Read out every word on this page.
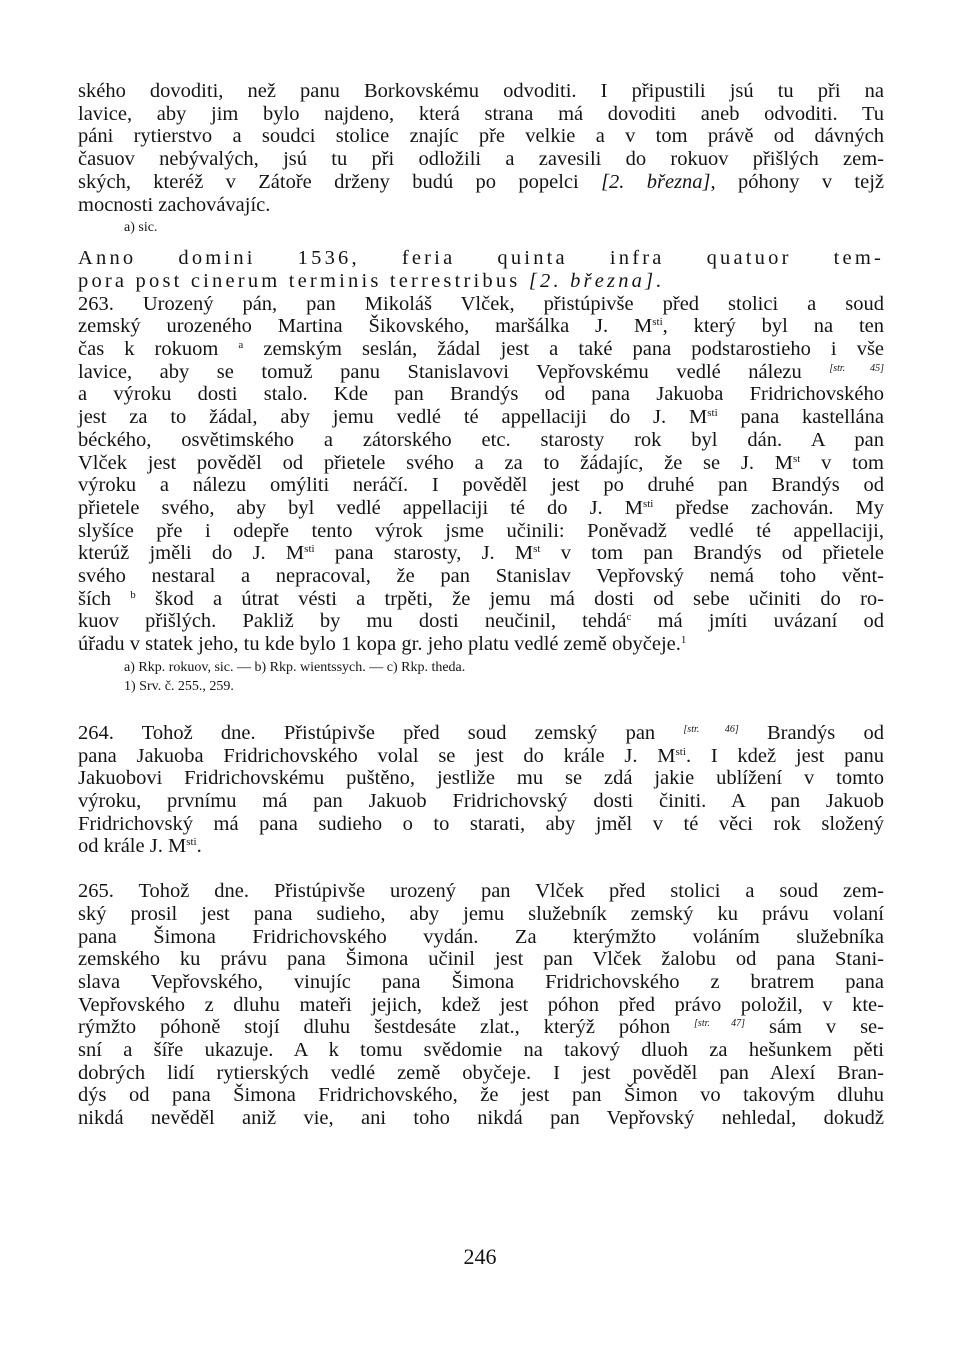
ského dovoditi, než panu Borkovskému odvoditi. I připustili jsú tu při na
lavice, aby jim bylo najdeno, která strana má dovoditi aneb odvoditi. Tu
páni rytierstvo a soudci stolice znajíc pře velkie a v tom právě od dávných
časuov nebývalých, jsú tu při odložili a zavesili do rokuov přišlých zem-
ských, kteréž v Zátoře drženy budú po popelci [2. března], póhony v tejž
mocnosti zachovávajíc.
a) sic.
Anno domini 1536, feria quinta infra quatuor tem-
pora post cinerum terminis terrestribus [2. března].
263. Urozený pán, pan Mikoláš Vlček, přistúpivše před stolici a soud
zemský urozeného Martina Šikovského, maršálka J. $M^{sti}$, který byl na ten
čas k rokuom $^a$ zemským seslán, žádal jest a také pana podstarostieho i vše
lavice, aby se tomuž panu Stanislavovi Vepřovskému vedlé nálezu	[str. 45]
a výroku dosti stalo. Kde pan Brandýs od pana Jakuoba Fridrichovského
jest za to žádal, aby jemu vedlé té appellaciji do J. $M^{sti}$ pana kastellána
béckého, osvětimského a zátorského etc. starosty rok byl dán. A pan
Vlček jest pověděl od přietele svého a za to žádajíc, že se J. Mst v tom
výroku a nálezu omýliti neráčí. I pověděl jest po druhé pan Brandýs od
přietele svého, aby byl vedlé appellaciji té do J. $M^{sti}$ předse zachován. My
slyšíce pře i odepře tento výrok jsme učinili: Poněvadž vedlé té appellaciji,
kterúž jměli do J. $M^{sti}$ pana starosty, J. Mst v tom pan Brandýs od přietele
svého nestaral a nepracoval, že pan Stanislav Vepřovský nemá toho věnt-
ších $^b$ škod a útrat vésti a trpěti, že jemu má dosti od sebe učiniti do ro-
kuov přišlých. Pakliž by mu dosti neučinil, tehdá$^c$ má jmíti uvázaní od
úřadu v statek jeho, tu kde bylo 1 kopa gr. jeho platu vedlé země obyčeje.$^1$
a) Rkp. rokuov, sic. — b) Rkp. wientssych. — c) Rkp. theda.
1) Srv. č. 255., 259.
264. Tohož dne. Přistúpivše před soud zemský pan	[str. 46] Brandýs od
pana Jakuoba Fridrichovského volal se jest do krále J. $M^{sti}$. I kdež jest panu
Jakuobovi Fridrichovskému puštěno, jestliže mu se zdá jakie ublížení v tomto
výroku, prvnímu má pan Jakuob Fridrichovský dosti činiti. A pan Jakuob
Fridrichovský má pana sudieho o to starati, aby jměl v té věci rok složený
od krále J. $M^{sti}$.
265. Tohož dne. Přistúpivše urozený pan Vlček před stolici a soud zem-
ský prosil jest pana sudieho, aby jemu služebník zemský ku právu volaní
pana Šimona Fridrichovského vydán. Za kterýmžto voláním služebníka
zemského ku právu pana Šimona učinil jest pan Vlček žalobu od pana Stani-
slava Vepřovského, vinujíc pana Šimona Fridrichovského z bratrem pana
Vepřovského z dluhu mateři jejich, kdež jest póhon před právo položil, v kte-
rýmžto póhoně stojí dluhu šestdesáte zlat., kterýž póhon [str. 47] sám v se-
sní a šíře ukazuje. A k tomu svědomie na takový dluoh za hešunkem pěti
dobrých lidí rytierských vedlé země obyčeje. I jest pověděl pan Alexí Bran-
dýs od pana Šimona Fridrichovského, že jest pan Šimon vo takovým dluhu
nikdá nevěděl aniž vie, ani toho nikdá pan Vepřovský nehledal, dokudž
246
